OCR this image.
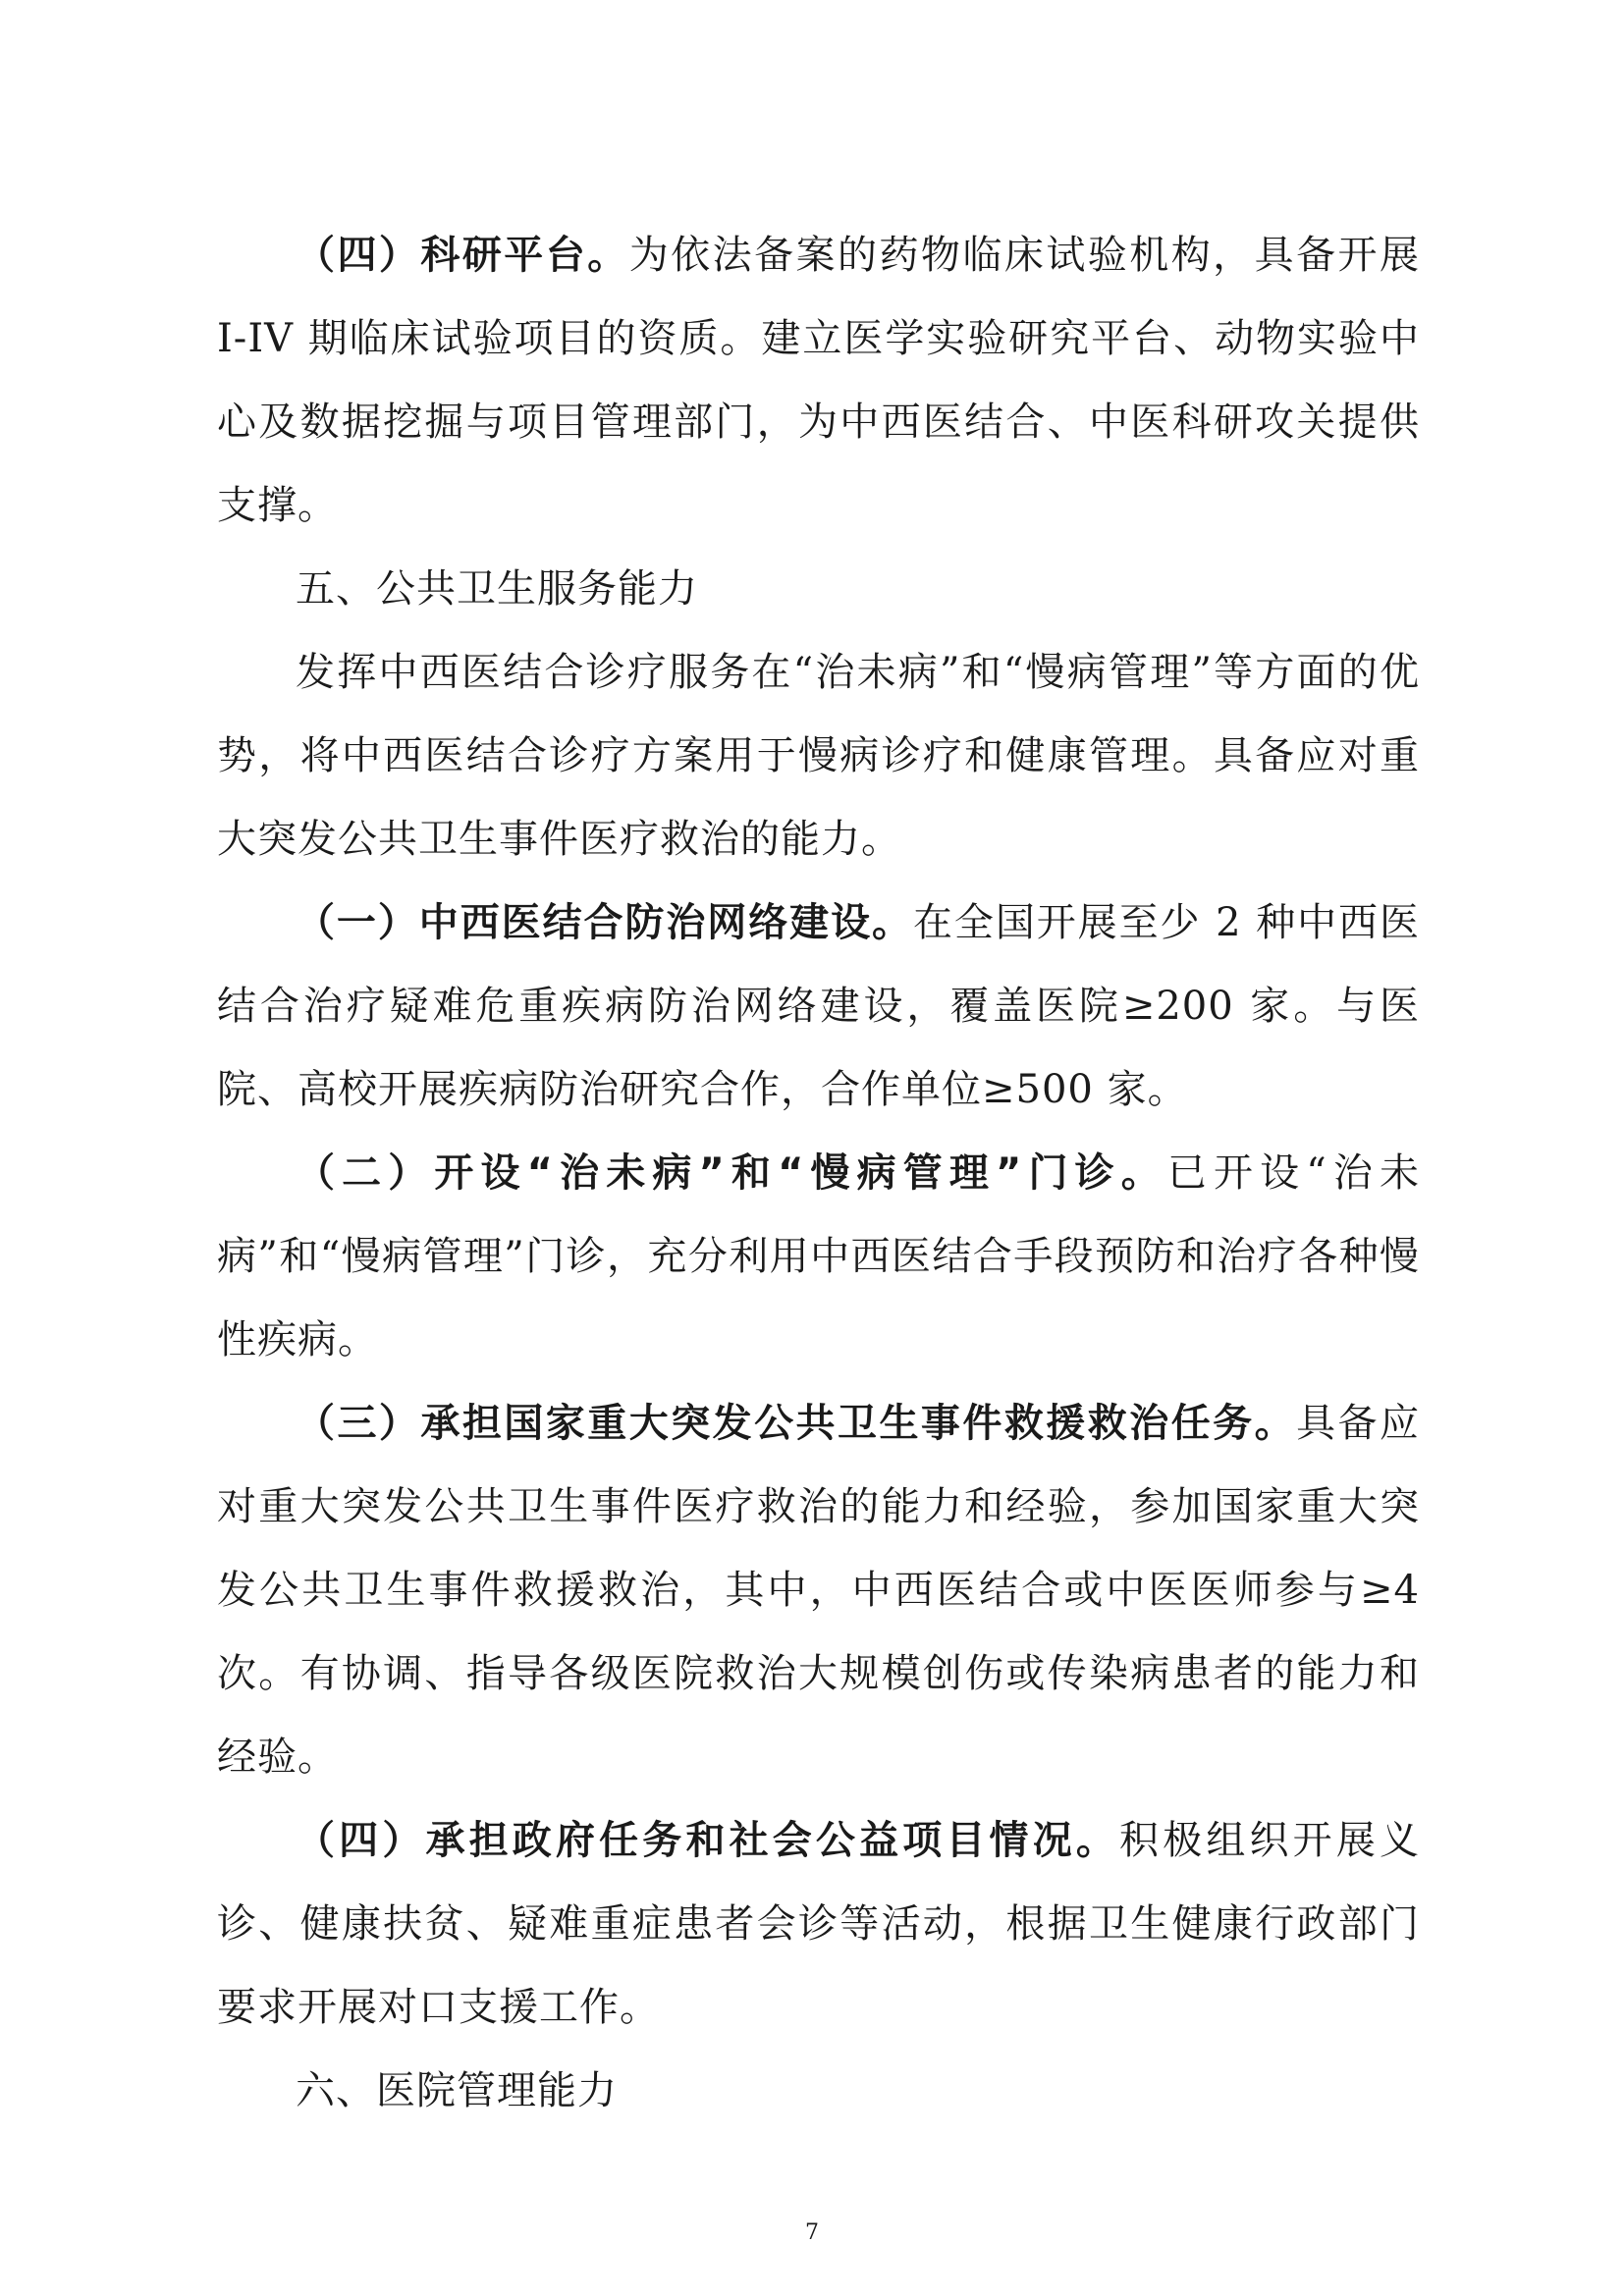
（四）科研平台。为依法备案的药物临床试验机构，具备开展 I-IV 期临床试验项目的资质。建立医学实验研究平台、动物实验中心及数据挖掘与项目管理部门，为中西医结合、中医科研攻关提供支撑。

五、公共卫生服务能力

发挥中西医结合诊疗服务在“治未病”和“慢病管理”等方面的优势，将中西医结合诊疗方案用于慢病诊疗和健康管理。具备应对重大突发公共卫生事件医疗救治的能力。

（一）中西医结合防治网络建设。在全国开展至少 2 种中西医结合治疗疑难危重疾病防治网络建设，覆盖医院≥200 家。与医院、高校开展疾病防治研究合作，合作单位≥500 家。

（二）开设“治未病”和“慢病管理”门诊。已开设“治未病”和“慢病管理”门诊，充分利用中西医结合手段预防和治疗各种慢性疾病。

（三）承担国家重大突发公共卫生事件救援救治任务。具备应对重大突发公共卫生事件医疗救治的能力和经验，参加国家重大突发公共卫生事件救援救治，其中，中西医结合或中医医师参与≥4 次。有协调、指导各级医院救治大规模创伤或传染病患者的能力和经验。

（四）承担政府任务和社会公益项目情况。积极组织开展义诊、健康扶贫、疑难重症患者会诊等活动，根据卫生健康行政部门要求开展对口支援工作。

六、医院管理能力

7
